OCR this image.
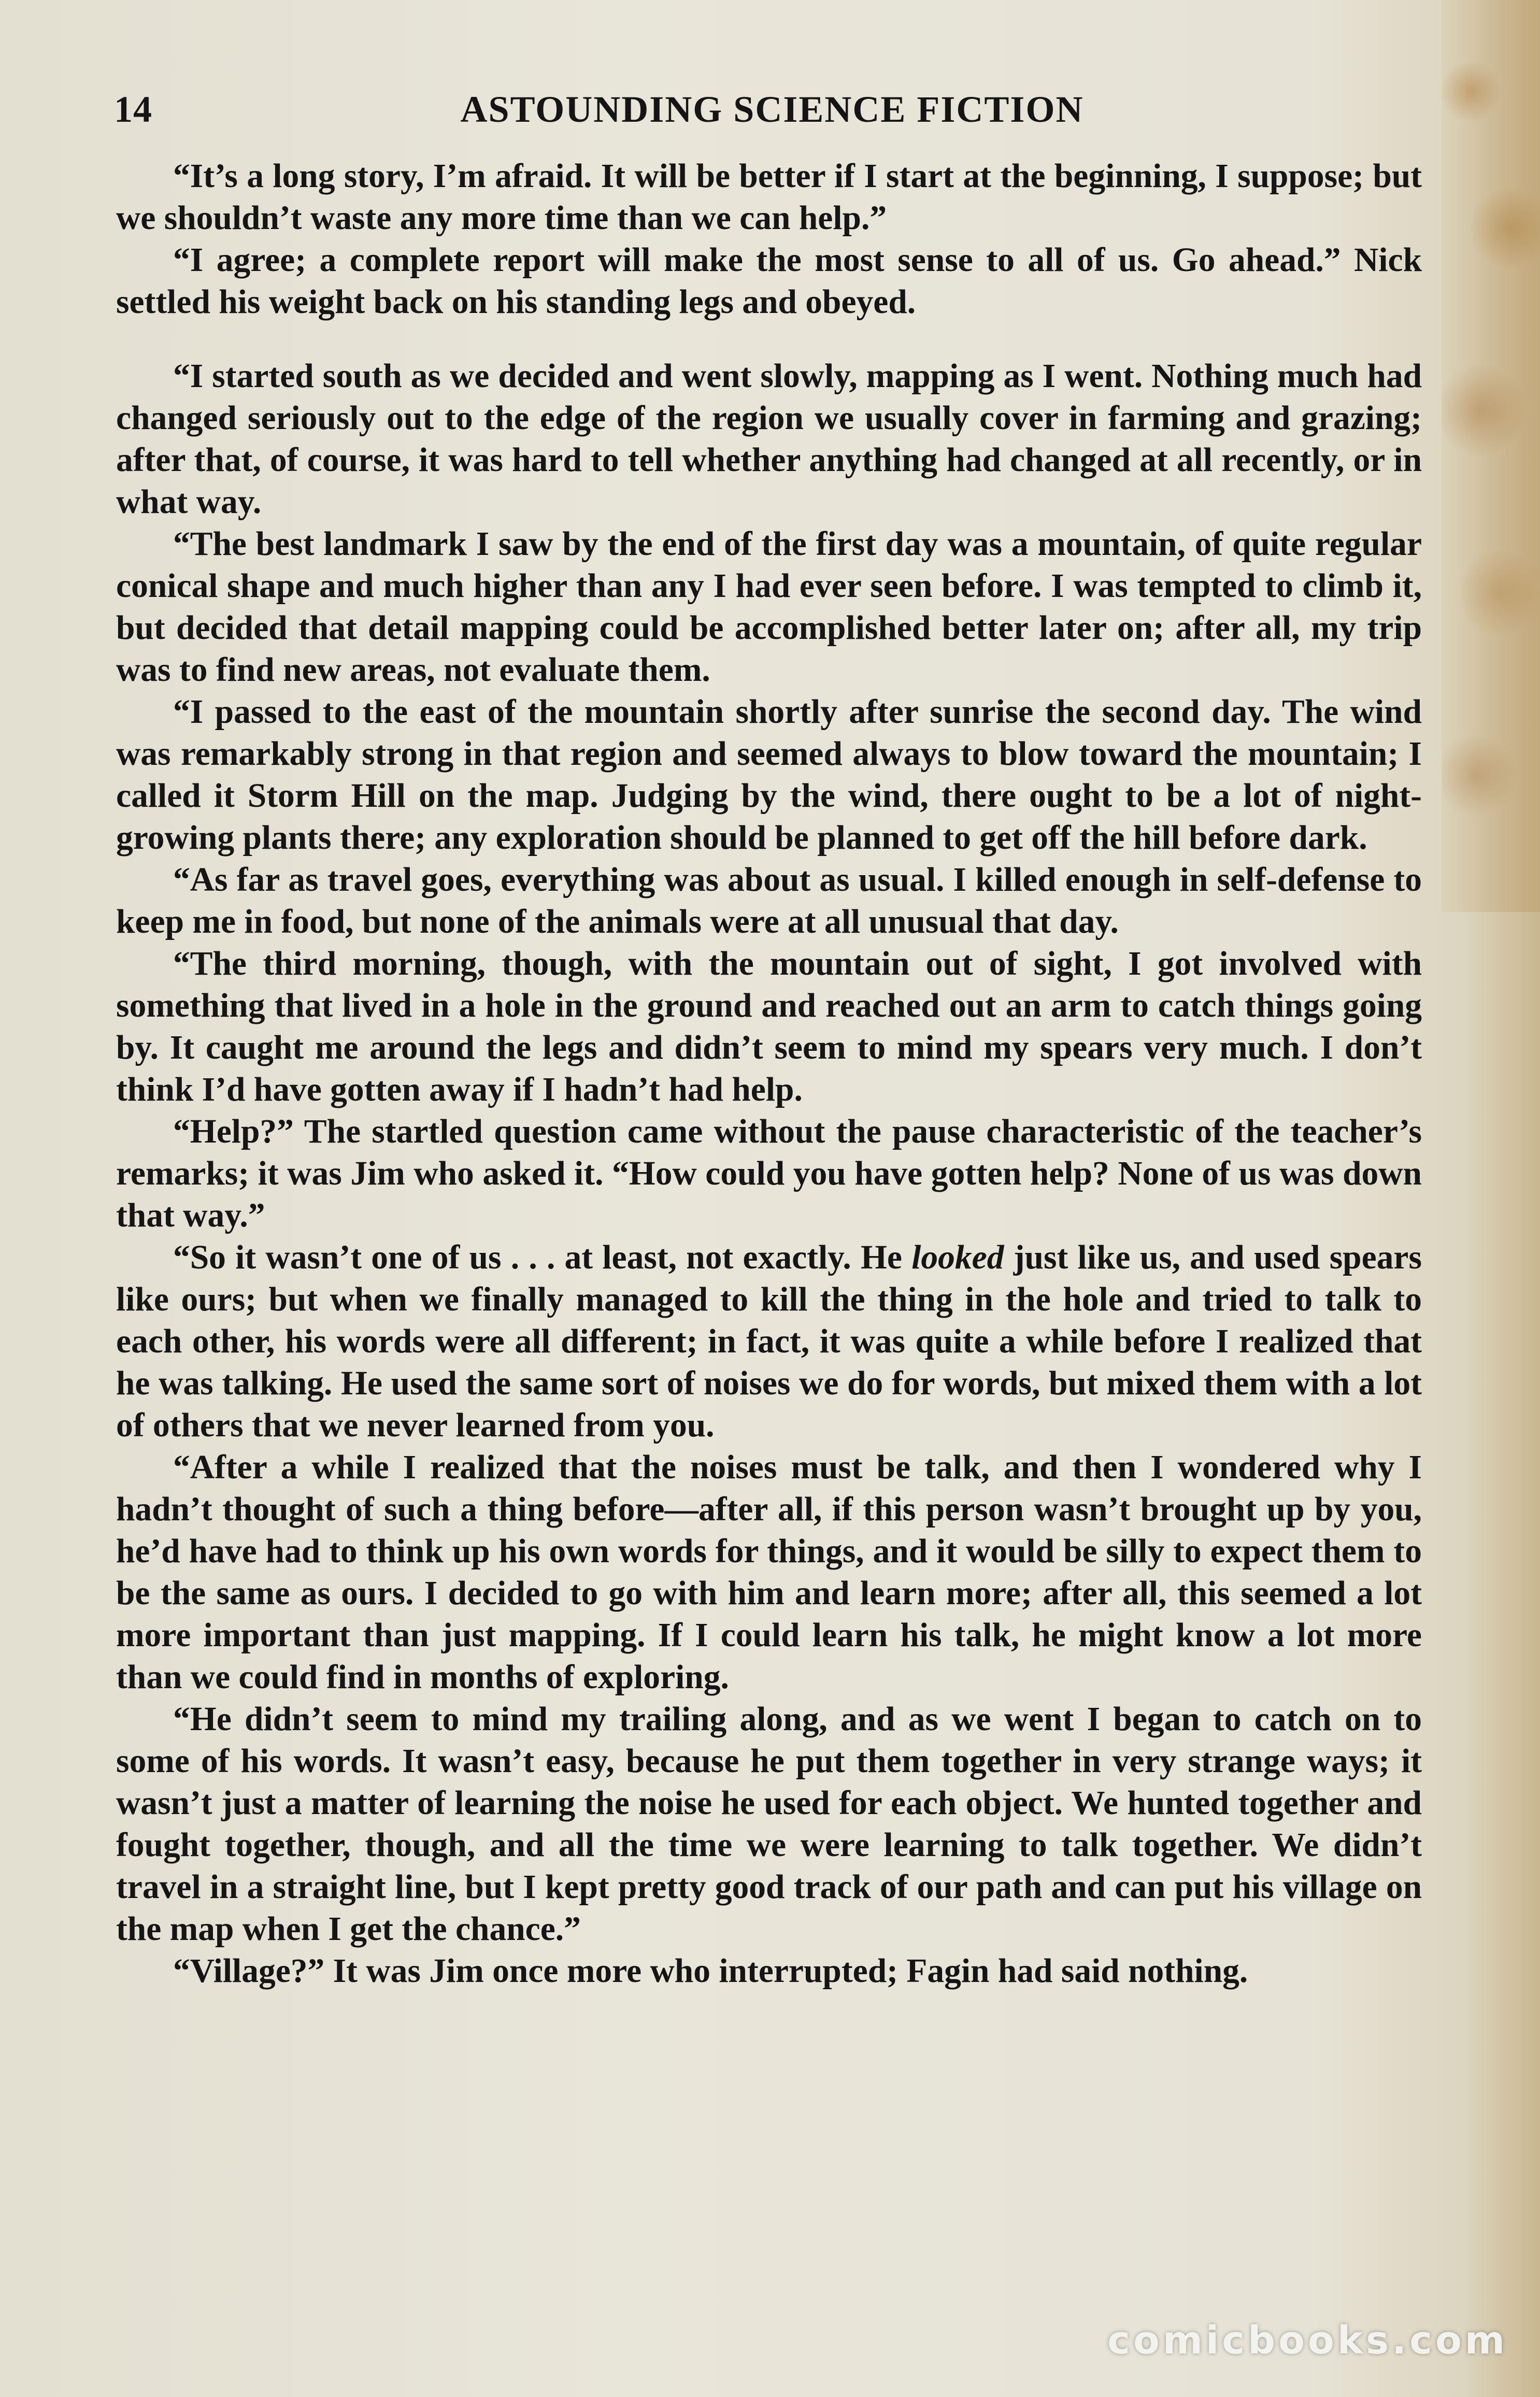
ASTOUNDING SCIENCE FICTION
14

“It’s a long story, I’m afraid. It will be better if I start at the beginning, I suppose; but we shouldn’t waste any more time than we can help.”

“I agree; a complete report will make the most sense to all of us. Go ahead.” Nick settled his weight back on his standing legs and obeyed.

“I started south as we decided and went slowly, mapping as I went. Nothing much had changed seriously out to the edge of the region we usually cover in farming and grazing; after that, of course, it was hard to tell whether anything had changed at all recently, or in what way.

“The best landmark I saw by the end of the first day was a mountain, of quite regular conical shape and much higher than any I had ever seen before. I was tempted to climb it, but decided that detail mapping could be accomplished better later on; after all, my trip was to find new areas, not evaluate them.

“I passed to the east of the mountain shortly after sunrise the second day. The wind was remarkably strong in that region and seemed always to blow toward the mountain; I called it Storm Hill on the map. Judging by the wind, there ought to be a lot of night-growing plants there; any exploration should be planned to get off the hill before dark.

“As far as travel goes, everything was about as usual. I killed enough in self-defense to keep me in food, but none of the animals were at all unusual that day.

“The third morning, though, with the mountain out of sight, I got involved with something that lived in a hole in the ground and reached out an arm to catch things going by. It caught me around the legs and didn’t seem to mind my spears very much. I don’t think I’d have gotten away if I hadn’t had help.

“Help?” The startled question came without the pause characteristic of the teacher’s remarks; it was Jim who asked it. “How could you have gotten help? None of us was down that way.”

“So it wasn’t one of us . . . at least, not exactly. He looked just like us, and used spears like ours; but when we finally managed to kill the thing in the hole and tried to talk to each other, his words were all different; in fact, it was quite a while before I realized that he was talking. He used the same sort of noises we do for words, but mixed them with a lot of others that we never learned from you.

“After a while I realized that the noises must be talk, and then I wondered why I hadn’t thought of such a thing before—after all, if this person wasn’t brought up by you, he’d have had to think up his own words for things, and it would be silly to expect them to be the same as ours. I decided to go with him and learn more; after all, this seemed a lot more important than just mapping. If I could learn his talk, he might know a lot more than we could find in months of exploring.

“He didn’t seem to mind my trailing along, and as we went I began to catch on to some of his words. It wasn’t easy, because he put them together in very strange ways; it wasn’t just a matter of learning the noise he used for each object. We hunted together and fought together, though, and all the time we were learning to talk together. We didn’t travel in a straight line, but I kept pretty good track of our path and can put his village on the map when I get the chance.”

“Village?” It was Jim once more who interrupted; Fagin had said nothing.

comicbooks.com
